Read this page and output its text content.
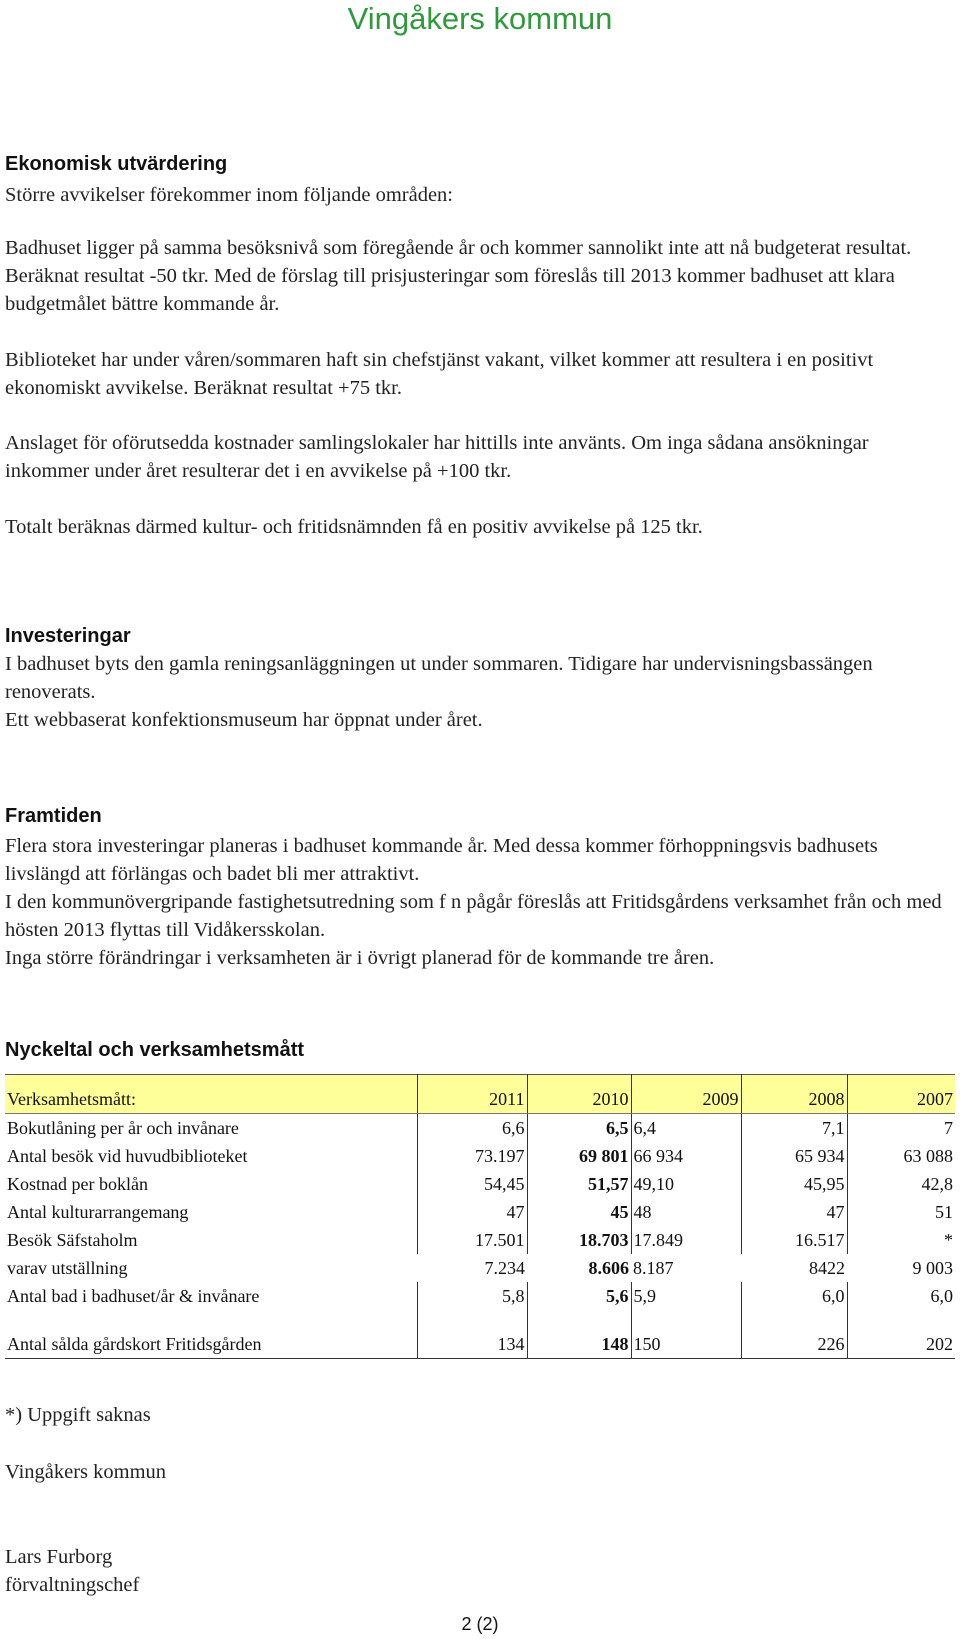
Vingåkers kommun
Ekonomisk utvärdering

Större avvikelser förekommer inom följande områden:

Badhuset ligger på samma besöksnivå som föregående år och kommer sannolikt inte att nå budgeterat resultat. Beräknat resultat -50 tkr. Med de förslag till prisjusteringar som föreslås till 2013 kommer badhuset att klara budgetmålet bättre kommande år.

Biblioteket har under våren/sommaren haft sin chefstjänst vakant, vilket kommer att resultera i en positivt ekonomiskt avvikelse. Beräknat resultat +75 tkr.

Anslaget för oförutsedda kostnader samlingslokaler har hittills inte använts. Om inga sådana ansökningar inkommer under året resulterar det i en avvikelse på +100 tkr.

Totalt beräknas därmed kultur- och fritidsnämnden få en positiv avvikelse på 125 tkr.

Investeringar

I badhuset byts den gamla reningsanläggningen ut under sommaren. Tidigare har undervisningsbassängen renoverats.

Ett webbaserat konfektionsmuseum har öppnat under året.

Framtiden

Flera stora investeringar planeras i badhuset kommande år. Med dessa kommer förhoppningsvis badhusets livslängd att förlängas och badet bli mer attraktivt.

I den kommunövergripande fastighetsutredning som f n pågår föreslås att Fritidsgårdens verksamhet från och med hösten 2013 flyttas till Vidåkersskolan.

Inga större förändringar i verksamheten är i övrigt planerad för de kommande tre åren.

Nyckeltal och verksamhetsmått
Verksamhetsmått:	2011	2010	2009	2008	2007
Bokutlåning per år och invånare	6,6	6,5	6,4	7,1	7
Antal besök vid huvudbiblioteket	73.197	69 801	66 934	65 934	63 088
Kostnad per boklån	54,45	51,57	49,10	45,95	42,8
Antal kulturarrangemang	47	45	48	47	51
Besök Säfstaholm	17.501	18.703	17.849	16.517	*
varav utställning	7.234	8.606	8.187	8422	9 003
Antal bad i badhuset/år & invånare	5,8	5,6	5,9	6,0	6,0
Antal sålda gårdskort Fritidsgården	134	148	150	226	202

*) Uppgift saknas

Vingåkers kommun

Lars Furborg

förvaltningschef

2 (2)
